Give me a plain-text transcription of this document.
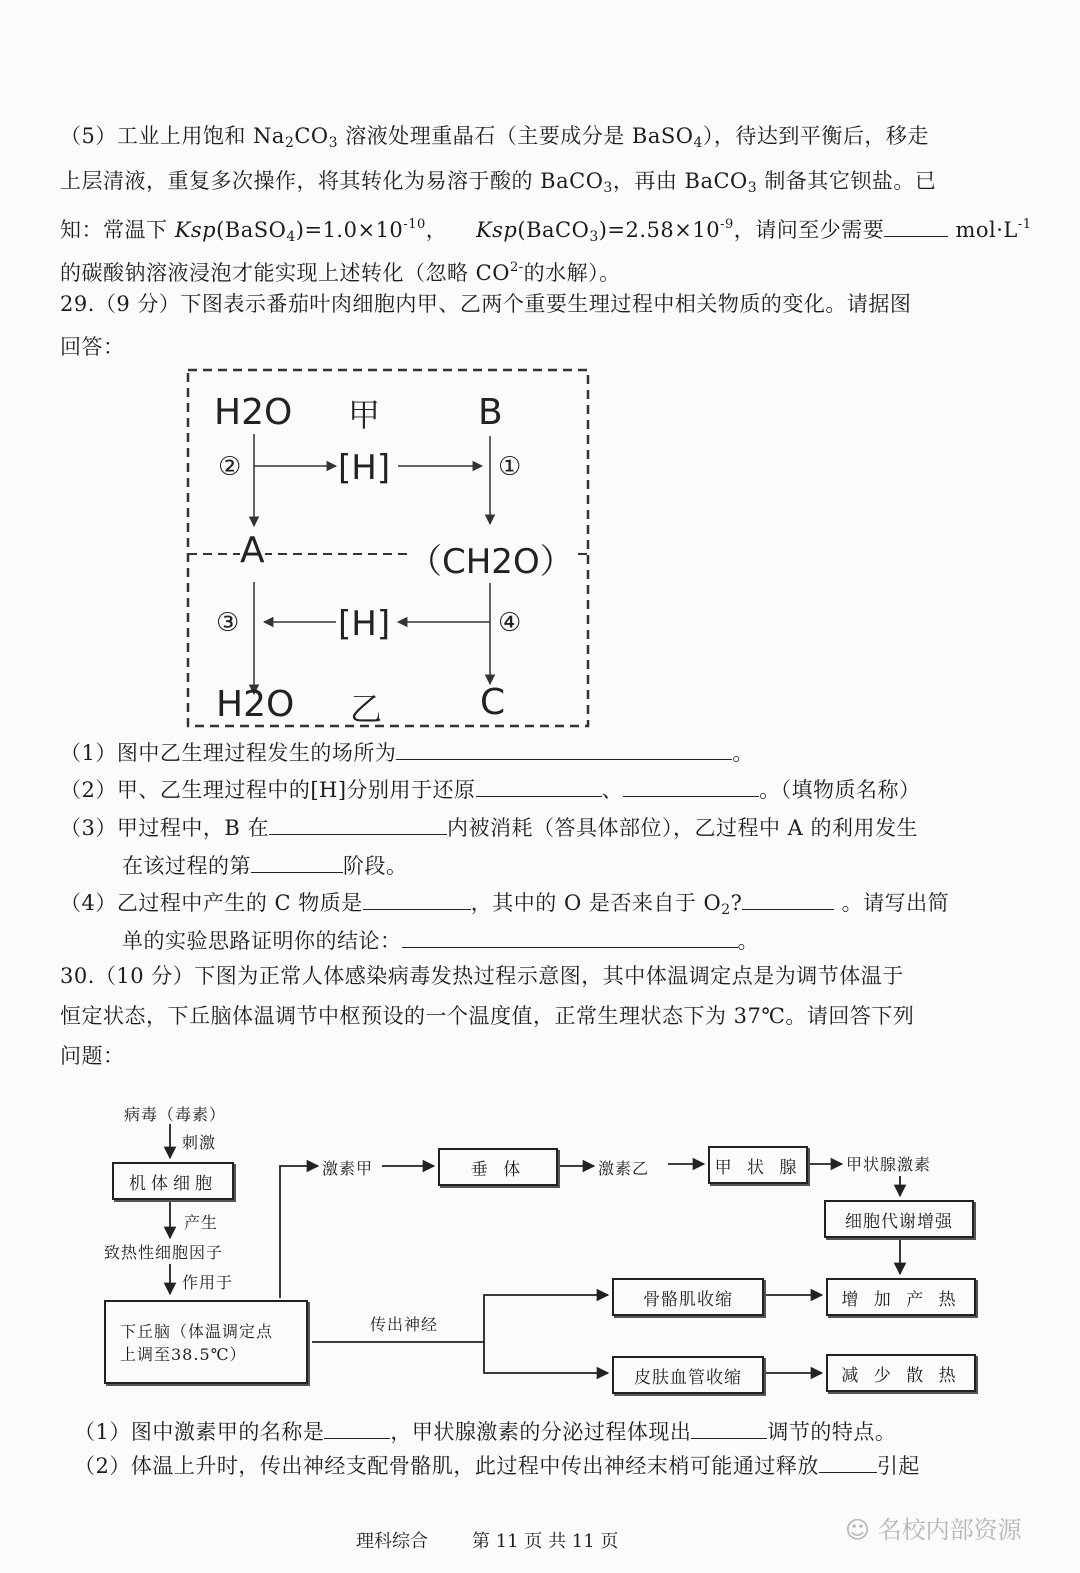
（5）工业上用饱和 $Na_2CO_3$ 溶液处理重晶石（主要成分是 BaSO$_4$），待达到平衡后，移走
上层清液，重复多次操作，将其转化为易溶于酸的 BaCO$_3$，再由 BaCO$_3$ 制备其它钡盐。已
知：常温下 $Ksp(BaSO_4)=1.0\times 10^{-10}$，    $Ksp(BaCO_3)=2.58\times 10^{-9}$，请问至少需要	$mol\cdot L^{-1}$
的碳酸钠溶液浸泡才能实现上述转化（忽略 $CO^{2-}$的水解）。
29.（9 分）下图表示番茄叶肉细胞内甲、乙两个重要生理过程中相关物质的变化。请据图
回答：
H2O 甲	B
②	[H]	①
A	（CH2O）
③	[H]	④
H2O 乙	C
（1）图中乙生理过程发生的场所为	。
（2）甲、乙生理过程中的[H]分别用于还原	、	。（填物质名称）
（3）甲过程中，B 在	内被消耗（答具体部位），乙过程中 A 的利用发生
在该过程的第	阶段。
（4）乙过程中产生的 C 物质是	，其中的 O 是否来自于 $O_2$?	。请写出简
单的实验思路证明你的结论：	。
30.（10 分）下图为正常人体感染病毒发热过程示意图，其中体温调定点是为调节体温于
恒定状态，下丘脑体温调节中枢预设的一个温度值，正常生理状态下为 37℃。请回答下列
问题：
病毒（毒素）
刺激
机体细胞
产生
致热性细胞因子
作用于
下丘脑（体温调定点
上调至38.5℃）
激素甲	垂 体	激素乙	甲 状 腺	甲状腺激素
细胞代谢增强
增 加 产 热
传出神经
骨骼肌收缩
皮肤血管收缩	减 少 散 热
（1）图中激素甲的名称是	，甲状腺激素的分泌过程体现出	调节的特点。
（2）体温上升时，传出神经支配骨骼肌，此过程中传出神经末梢可能通过释放	引起
理科综合 第 11 页 共 11 页	☺ 名校内部资源
